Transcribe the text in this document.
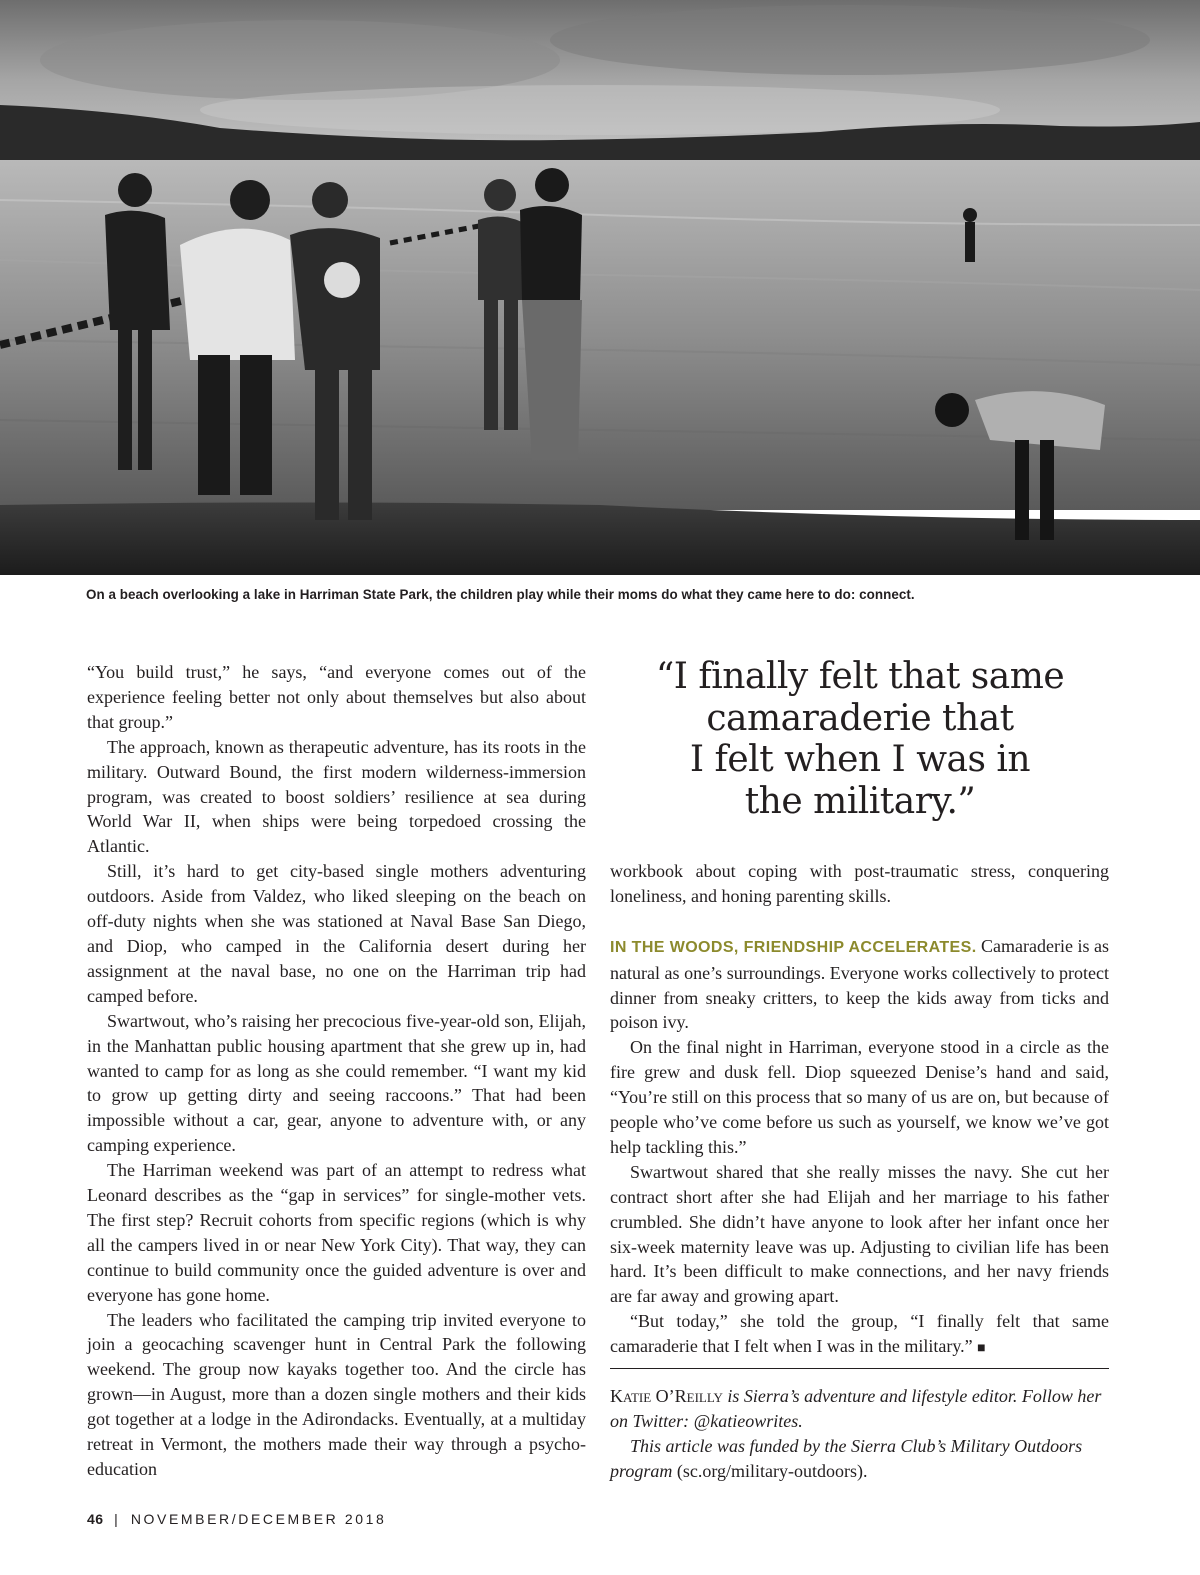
On a beach overlooking a lake in Harriman State Park, the children play while their moms do what they came here to do: connect.

“You build trust,” he says, “and everyone comes out of the experience feeling better not only about themselves but also about that group.”

The approach, known as therapeutic adventure, has its roots in the military. Outward Bound, the first modern wilderness-immersion program, was created to boost soldiers’ resilience at sea during World War II, when ships were being torpedoed crossing the Atlantic.

Still, it’s hard to get city-based single mothers adventuring outdoors. Aside from Valdez, who liked sleeping on the beach on off-duty nights when she was stationed at Naval Base San Diego, and Diop, who camped in the California desert during her assignment at the naval base, no one on the Harriman trip had camped before.

Swartwout, who’s raising her precocious five-year-old son, Elijah, in the Manhattan public housing apartment that she grew up in, had wanted to camp for as long as she could remember. “I want my kid to grow up getting dirty and seeing raccoons.” That had been impossible without a car, gear, anyone to adventure with, or any camping experience.

The Harriman weekend was part of an attempt to redress what Leonard describes as the “gap in services” for single-mother vets. The first step? Recruit cohorts from specific regions (which is why all the campers lived in or near New York City). That way, they can continue to build community once the guided adventure is over and everyone has gone home.

The leaders who facilitated the camping trip invited everyone to join a geocaching scavenger hunt in Central Park the following weekend. The group now kayaks together too. And the circle has grown—in August, more than a dozen single mothers and their kids got together at a lodge in the Adirondacks. Eventually, at a multiday retreat in Vermont, the mothers made their way through a psycho-education

“I finally felt that same
camaraderie that
I felt when I was in
the military.”

workbook about coping with post-traumatic stress, conquering loneliness, and honing parenting skills.

IN THE WOODS, FRIENDSHIP ACCELERATES. Camaraderie is as natural as one’s surroundings. Everyone works collectively to protect dinner from sneaky critters, to keep the kids away from ticks and poison ivy.

On the final night in Harriman, everyone stood in a circle as the fire grew and dusk fell. Diop squeezed Denise’s hand and said, “You’re still on this process that so many of us are on, but because of people who’ve come before us such as yourself, we know we’ve got help tackling this.”

Swartwout shared that she really misses the navy. She cut her contract short after she had Elijah and her marriage to his father crumbled. She didn’t have anyone to look after her infant once her six-week maternity leave was up. Adjusting to civilian life has been hard. It’s been difficult to make connections, and her navy friends are far away and growing apart.

“But today,” she told the group, “I finally felt that same camaraderie that I felt when I was in the military.” ■

Katie O’Reilly is Sierra’s adventure and lifestyle editor. Follow her on Twitter: @katieowrites.

This article was funded by the Sierra Club’s Military Outdoors program (sc.org/military-outdoors).

46 | NOVEMBER/DECEMBER 2018
